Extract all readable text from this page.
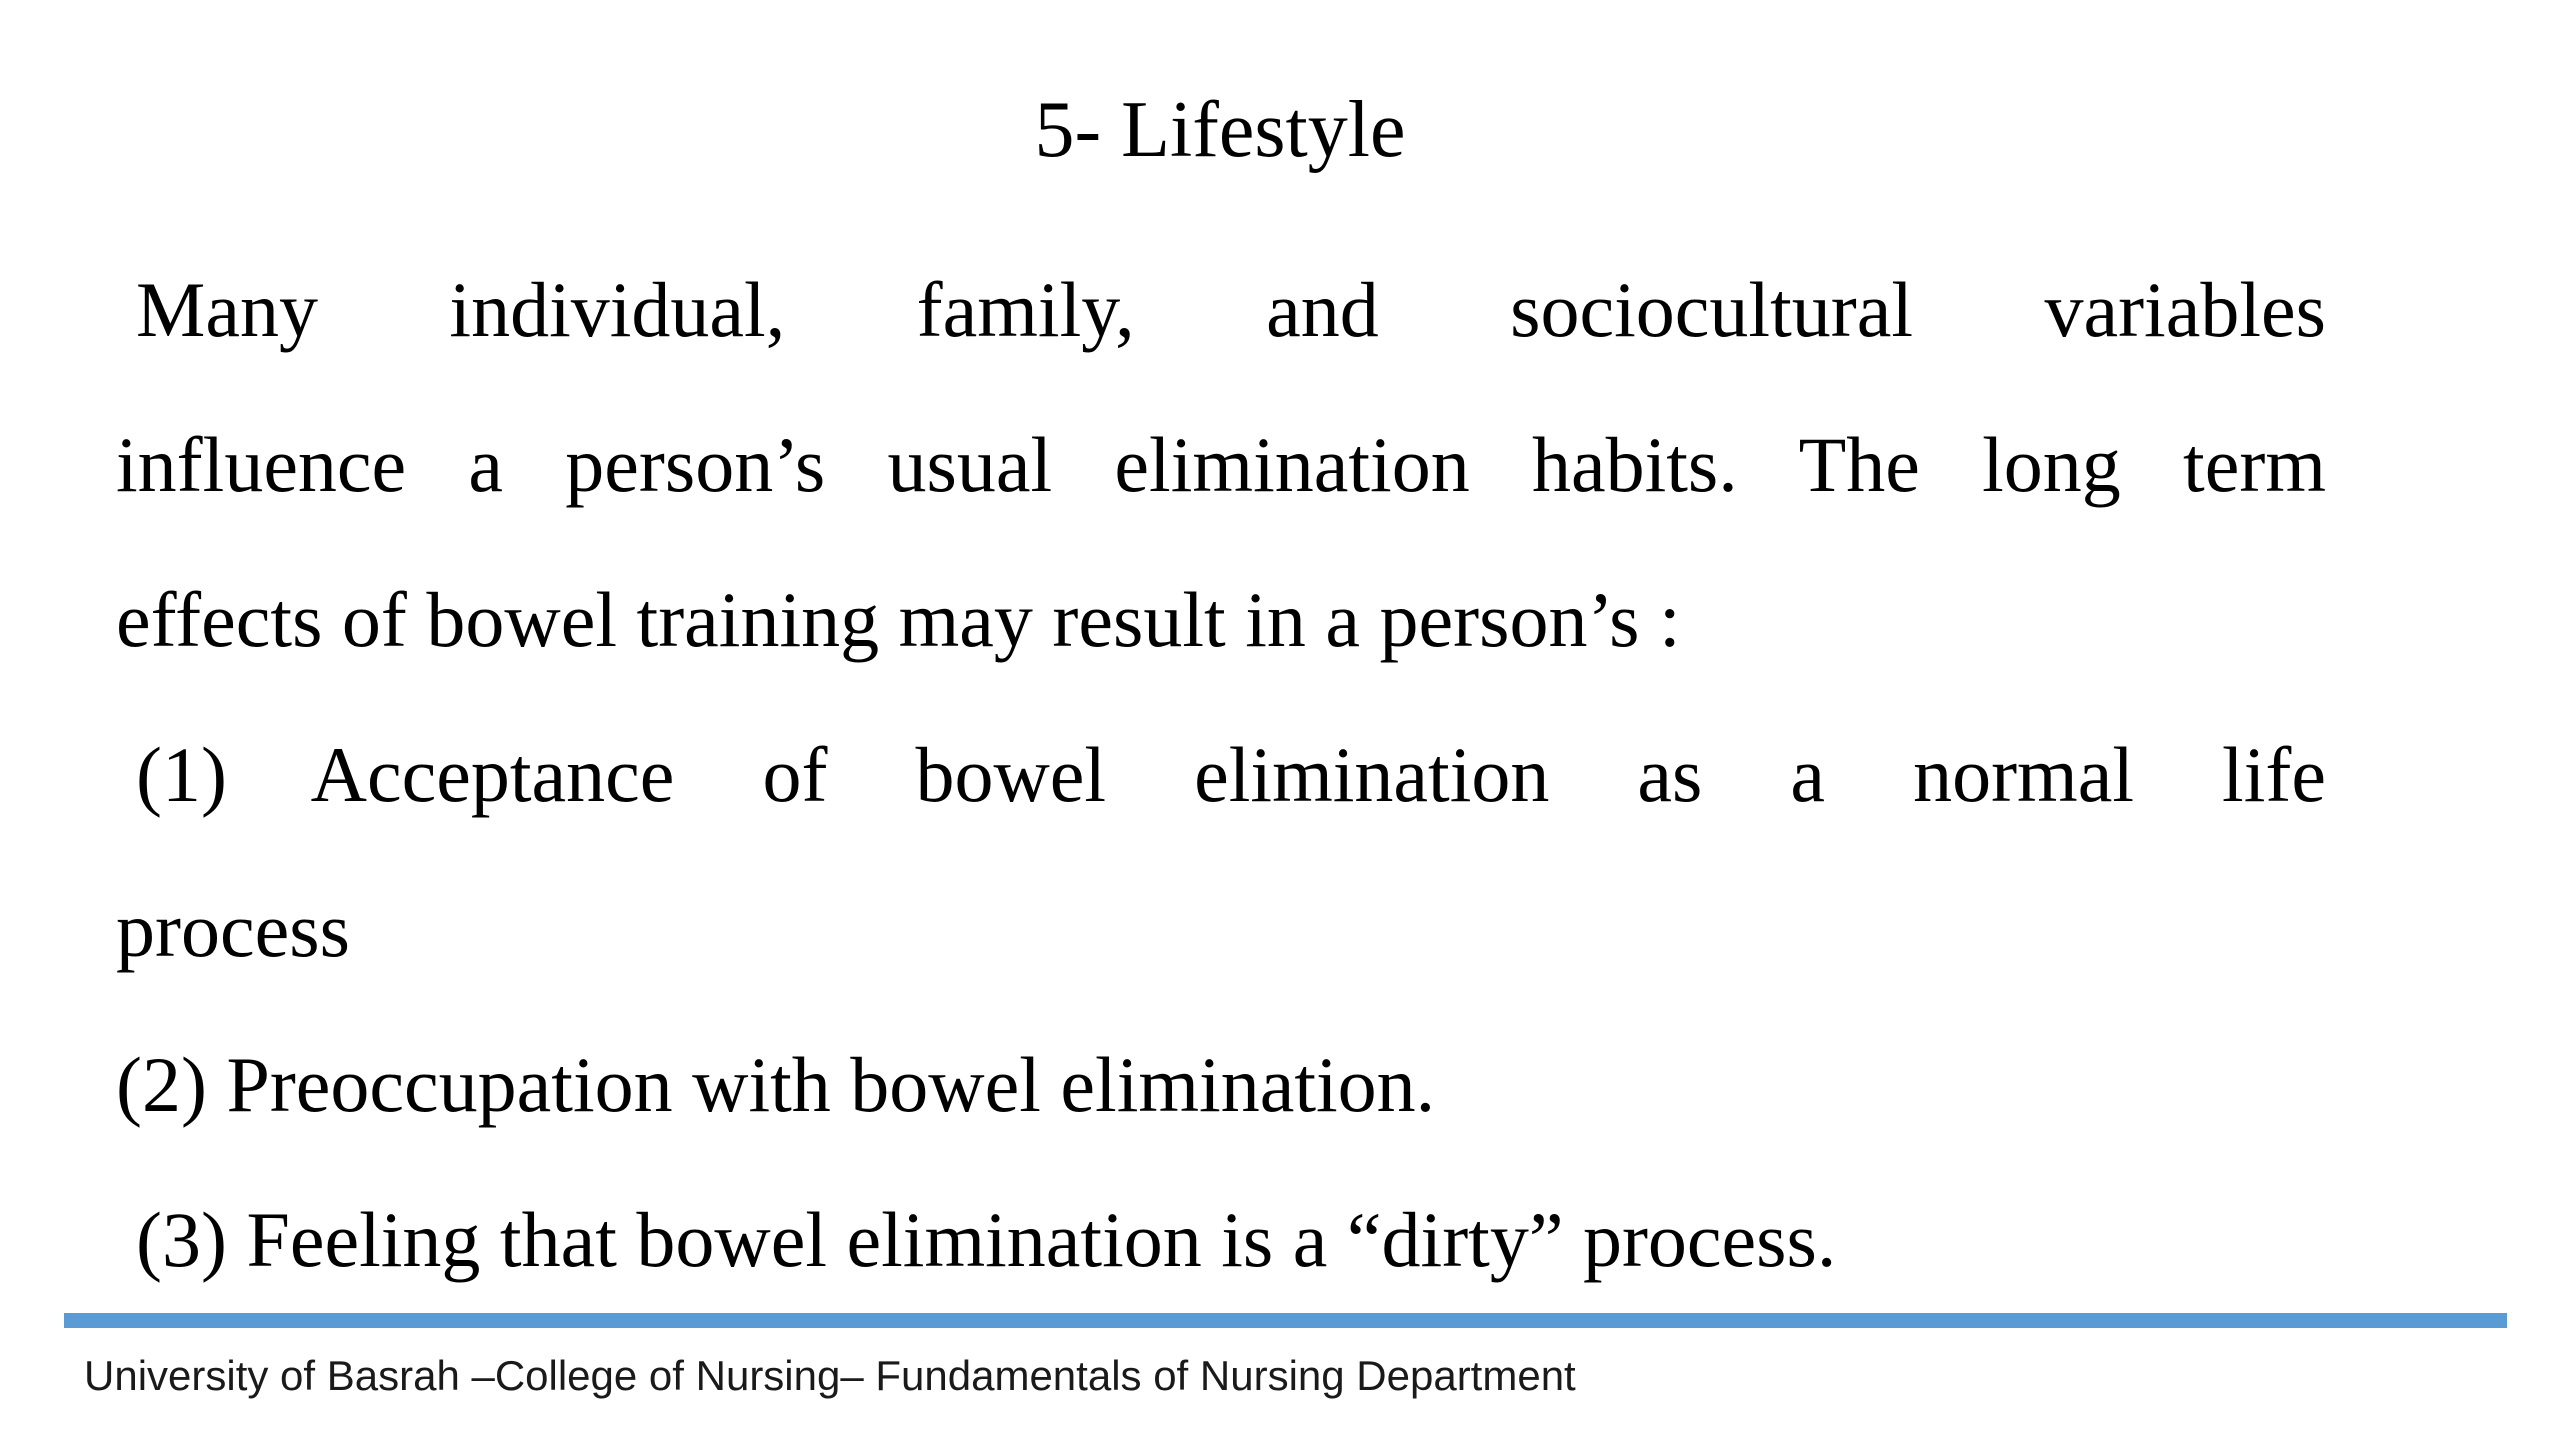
5- Lifestyle
Many individual, family, and sociocultural variables
influence a person’s usual elimination habits. The long term
effects of bowel training may result in a person’s :
(1) Acceptance of bowel elimination as a normal life
process
(2) Preoccupation with bowel elimination.
(3) Feeling that bowel elimination is a “dirty” process.
University of Basrah –College of Nursing– Fundamentals of Nursing Department
